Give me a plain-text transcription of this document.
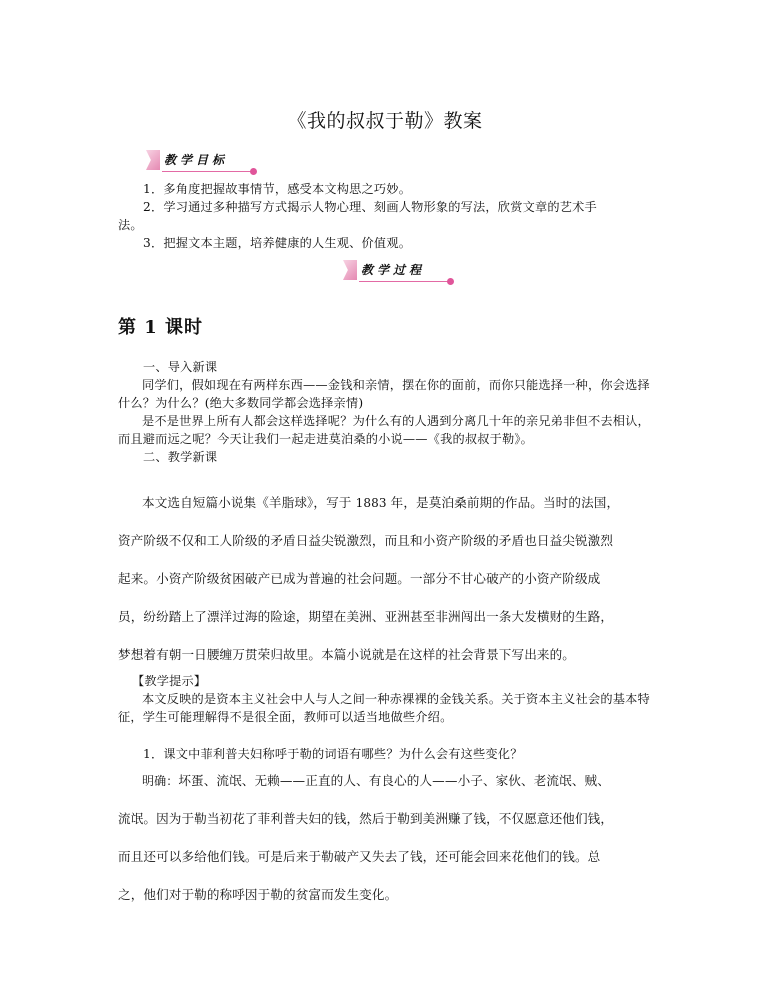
《我的叔叔于勒》教案
教学目标
1．多角度把握故事情节，感受本文构思之巧妙。
2．学习通过多种描写方式揭示人物心理、刻画人物形象的写法，欣赏文章的艺术手
法。
3．把握文本主题，培养健康的人生观、价值观。
教学过程
第 1 课时
一、导入新课
同学们，假如现在有两样东西——金钱和亲情，摆在你的面前，而你只能选择一种，你会选择什么？为什么？(绝大多数同学都会选择亲情)
是不是世界上所有人都会这样选择呢？为什么有的人遇到分离几十年的亲兄弟非但不去相认，而且避而远之呢？今天让我们一起走进莫泊桑的小说——《我的叔叔于勒》。
二、教学新课

本文选自短篇小说集《羊脂球》，写于 1883 年，是莫泊桑前期的作品。当时的法国，

资产阶级不仅和工人阶级的矛盾日益尖锐激烈，而且和小资产阶级的矛盾也日益尖锐激烈

起来。小资产阶级贫困破产已成为普遍的社会问题。一部分不甘心破产的小资产阶级成

员，纷纷踏上了漂洋过海的险途，期望在美洲、亚洲甚至非洲闯出一条大发横财的生路，

梦想着有朝一日腰缠万贯荣归故里。本篇小说就是在这样的社会背景下写出来的。

【教学提示】
本文反映的是资本主义社会中人与人之间一种赤裸裸的金钱关系。关于资本主义社会的基本特征，学生可能理解得不是很全面，教师可以适当地做些介绍。
1．课文中菲利普夫妇称呼于勒的词语有哪些？为什么会有这些变化？

明确：坏蛋、流氓、无赖——正直的人、有良心的人——小子、家伙、老流氓、贼、

流氓。因为于勒当初花了菲利普夫妇的钱，然后于勒到美洲赚了钱，不仅愿意还他们钱，

而且还可以多给他们钱。可是后来于勒破产又失去了钱，还可能会回来花他们的钱。总

之，他们对于勒的称呼因于勒的贫富而发生变化。
